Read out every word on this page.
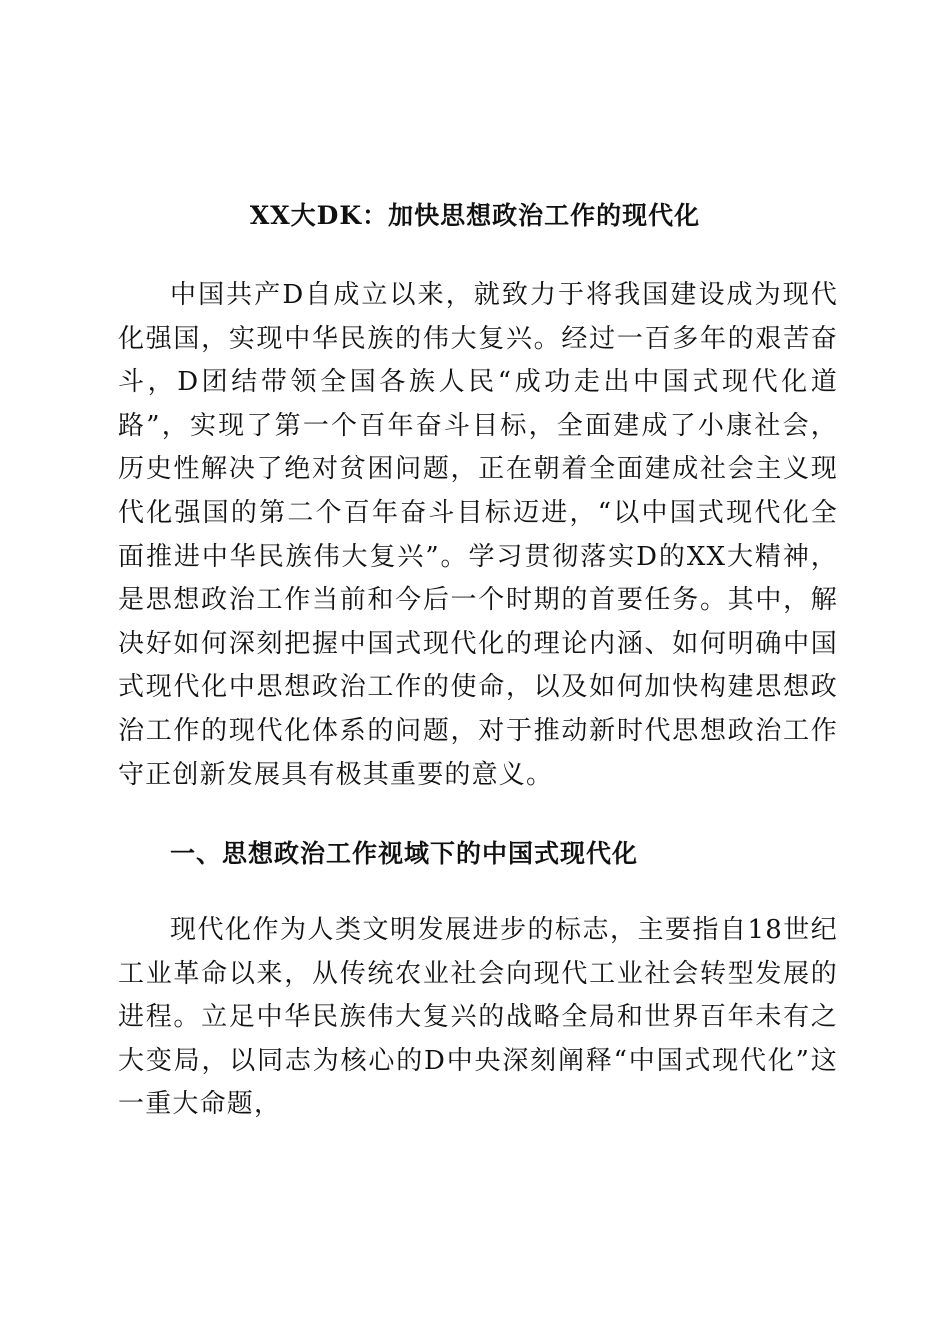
XX大DK：加快思想政治工作的现代化

中国共产D自成立以来，就致力于将我国建设成为现代化强国，实现中华民族的伟大复兴。经过一百多年的艰苦奋斗，D团结带领全国各族人民“成功走出中国式现代化道路”，实现了第一个百年奋斗目标，全面建成了小康社会，历史性解决了绝对贫困问题，正在朝着全面建成社会主义现代化强国的第二个百年奋斗目标迈进，“以中国式现代化全面推进中华民族伟大复兴”。学习贯彻落实D的XX大精神，是思想政治工作当前和今后一个时期的首要任务。其中，解决好如何深刻把握中国式现代化的理论内涵、如何明确中国式现代化中思想政治工作的使命，以及如何加快构建思想政治工作的现代化体系的问题，对于推动新时代思想政治工作守正创新发展具有极其重要的意义。

一、思想政治工作视域下的中国式现代化

现代化作为人类文明发展进步的标志，主要指自18世纪工业革命以来，从传统农业社会向现代工业社会转型发展的进程。立足中华民族伟大复兴的战略全局和世界百年未有之大变局，以同志为核心的D中央深刻阐释“中国式现代化”这一重大命题，
